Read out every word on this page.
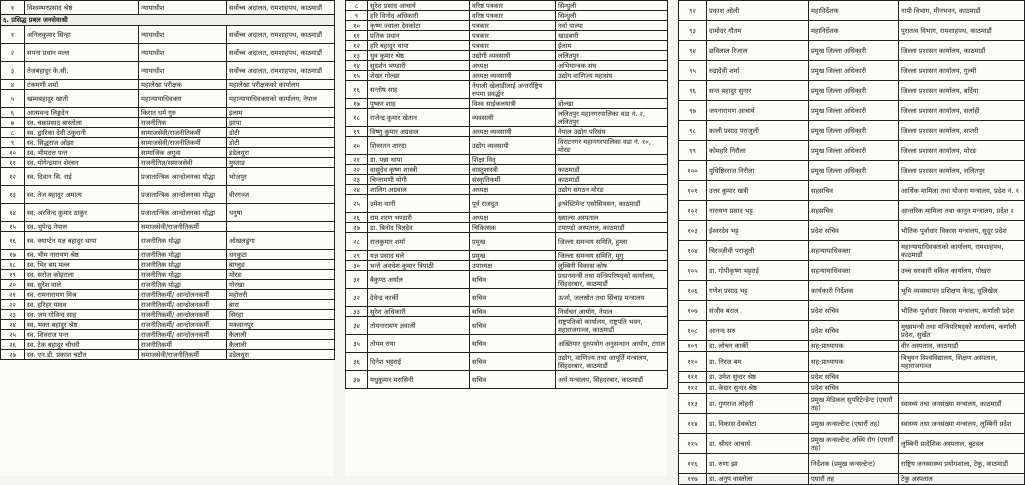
१	विश्वम्भरप्रसाद श्रेष्ठ	न्यायाधीश	सर्वोच्च अदालत, रामशाहपथ, काठमाडौं
६. प्रसिद्ध प्रबल जनसेवाश्री			
१	अनिलकुमार सिन्हा	न्यायाधीश	सर्वोच्च अदालत, रामशाहपथ, काठमाडौं
२	सपना प्रधान मल्ल	न्यायाधीश	सर्वोच्च अदालत, रामशाहपथ, काठमाडौं
३	तेजबहादुर के.सी.	न्यायाधीश	सर्वोच्च अदालत, रामशाहपथ, काठमाडौं
४	टंकमणी शर्मा	महालेखा परीक्षक	महालेखा परीक्षकको कार्यालय
५	खम्मबहादुर खाती	महान्यायाधिवक्ता	महान्यायाधिवक्ताको कार्यालय, नेपाल
६	आत्मवन्द लिङ्गदेन	किरात धर्म गुरु	इलाम
७	स्व. चक्रप्रसाद बास्तोला	राजनीतिक	झापा
८	स्व. द्वारिका देवी ठकुरानी	सामाजसेवी/राजनीतिकर्मी	डोटी
९	स्व. सिद्धराज ओझा	सामाजसेवी/राजनीतिकर्मी	डोटी
१०	स्व. भीमदत्त पन्त	सामाजिक अगुवा	डडेलधुरा
११	स्व. योगेन्द्रमान शेरचन	राजनीतिज्ञ/समाजसेवी	मुस्ताङ
१२	स्व. दिवान सि. राई	प्रजातान्त्रिक आन्दोलनका योद्धा	भोजपुर
१३	स्व. तेज बहादुर अमात्य	प्रजातान्त्रिक आन्दोलनका योद्धा	वीरगञ्ज
१४	स्व. अरविन्द कुमार ठाकुर	प्रजातान्त्रिक आन्दोलनका योद्धा	धनुषा
१५	स्व. भुपेन्द्र नेपाल	समाजसेवी/राजनीतिकर्मी	
१६	स्व. क्याप्टेन यज्ञ बहादुर थापा	राजनीतिक योद्धा	ओखलढुंगा
१७	स्व. भीम नारायण श्रेष्ठ	राजनीतिक योद्धा	धनकुटा
१८	स्व. भिर बम मल्ल	राजनीतिक योद्धा	बाग्लुङ
१९	स्व. सरोज कोइराला	राजनीतिक योद्धा	मोरङ
२०	स्व. सुरेश वाले	राजनीतिक योद्धा	गोरखा
२१	स्व. रामनारायण मिश्र	राजनीतिकर्मी/ आन्दोलनकर्मी	महोत्तरी
२२	स्व. हरिहर यादव	राजनीतिकर्मी/ आन्दोलनकर्मी	बारा
२३	स्व. जय गोविन्द साह	राजनीतिकर्मी/ आन्दोलनकर्मी	सिरहा
२४	स्व. भक्त बहादुर श्रेष्ठ	राजनीतिकर्मी/ आन्दोलनकर्मी	मकवानपुर
२५	स्व. शिवराज पन्त	राजनीतिकर्मी/ आन्दोलनकर्मी	कैलाली
२६	स्व. टेक बहादुर चौधरी	राजनीतिकर्मी	कैलाली
२७	स्व. एन.डी. प्रकाश चटौत	समाजसेवी/राजनीतिकर्मी	डडेलधुरा
८	सुरेश प्रसाद आचार्य	वरिष्ठ पत्रकार	सिन्धुली
९	हरि विनोद अधिकारी	वरिष्ठ पत्रकार	सिन्धुली
१०	कृष्ण ज्वाला देवकोटा	पत्रकार	नर्वा पाल्पा
११	प्रतिक प्रधान	पत्रकार	खाडबारी
१२	हरि बहादुर थापा	पत्रकार	ईलाम
१३	धुव कुमार श्रेष्ठ	उद्योगी व्यवसायी	ललितपुर
१४	सुदर्शन भण्डारी	अध्यक्ष	अभियान्त्रक संघ
१५	शेखर गोल्छा	अध्यक्ष व्यवसायी	उद्योग वाणिज्य महासंघ
१६	सन्तोष साह	नेपाली खेलाडीलाई अन्तर्राष्ट्रिय रुपमा प्रवर्द्धन	
१७	पुष्कर शाह	विश्व साईकलयात्री	डोल्खा
१८	राजेन्द्र कुमार खेतान	व्यवसायी	ललितपुर महानगरपालिका वडा नं. २, ललितपुर
१९	विष्णु कुमार अग्रवाल	अध्यक्ष व्यवसायी	नेपाल उद्योग परिसंघ
२०	शिवरतन शारदा	उद्योग व्यवसायी	विराटनगर महानगरपालिका वडा नं. १०, मोरङ
२१	डा. पन्ना थापा	शिक्षा विद्	
२२	वासुदेव कृष्ण शास्त्री	वास्तुशास्त्री	काठमाडौं
२३	चिन्तामणी योगी	संस्कृतिकर्मी	काठमाडौं
२४	शालिग अग्रवाल	अध्यक्ष	उद्योग संगठन मोरङ
२५	उमेश थानी	पूर्व राजदुत	इन्भेस्टिमेन्ट एसोसियसन, काठमाडौं
२६	राम शरण भण्डारी	अध्यक्ष	ख्याल्स अस्पताल
२७	डा. बिनोद त्रिज्ञदेव	चिकित्सक	टमाण्डो अस्पताल, काठमाडौं
२८	राजकुमार शर्मा	प्रमुख	जिल्ला समन्वय समिति, हुम्ला
२९	यज्ञ प्रसाद घले	प्रमुख	जिल्ला समन्वय समिति, मुगु
३०	भन्ते अवधेश कुमार त्रिपाठी	उपाध्यक्ष	लुम्बिनी विकास कोष
३१	बैकुण्ठ अर्याल	सचिव	प्रधानमन्त्री तथा मन्त्रिपरिषद्को कार्यालय, सिंहदरबार, काठमाडौं
३२	देवेन्द्र कार्की	सचिव	ऊर्जा, जलस्रोत तथा सिंचाइ मन्त्रालय
३३	सुरेश अधिकारी	सचिव	निर्वाचन आयोग, नेपाल
३४	तोयनारायण ज्ञवाली	सचिव	राष्ट्रपतिको कार्यालय, राष्ट्रपति भवन, महाराजगञ्ज, काठमाडौं
३५	तोयम राया	सचिव	अख्तियार दुरुपयोग अनुसन्धान आयोग, टंगाल
३६	दिनेश भट्टराई	सचिव	उद्योग, वाणिज्य तथा आपूर्ति मन्त्रालय, सिंहदरबार, काठमाडौं
३७	मधुकुमार मरासिनी	सचिव	अर्थ मन्त्रालय, सिंहदरबार, काठमाडौं
९२	प्रकाश ओली	महानिर्देशक	नापी विभाग, मीनभवन, काठमाडौं
९३	दामोदर गौतम	महानिर्देशक	पुरातत्व विभाग, रामशाहपथ, काठमाडौं
९४	छविलाल रिजाल	प्रमुख जिल्ला अधिकारी	जिल्ला प्रशासन कार्यालय, काठमाडौं
९५	रुद्रादेवी शर्मा	प्रमुख जिल्ला अधिकारी	जिल्ला प्रशासन कार्यालय, गुल्मी
९६	सन्त बहादुर सुनार	प्रमुख जिल्ला अधिकारी	जिल्ला प्रशासन कार्यालय, बर्दिया
९७	जयनारायण आचार्य	प्रमुख जिल्ला अधिकारी	जिल्ला प्रशासन कार्यालय, सर्लाही
९८	काली प्रसाद पराजुली	प्रमुख जिल्ला अधिकारी	जिल्ला प्रशासन कार्यालय, सप्तरी
९९	कोमहरि निरौला	प्रमुख जिल्ला अधिकारी	जिल्ला प्रशासन कार्यालय, मोरङ
१००	युधिष्ठिरराज निरौला	प्रमुख जिल्ला अधिकारी	जिल्ला प्रशासन कार्यालय, ललितपुर
१०१	उत्तर कुमार खत्री	सहसचिव	आर्थिक मामिला तथा योजना मन्त्रालय, प्रदेश नं. १
१०२	नारायण प्रसाद भट्ट	सहसचिव	आन्तरिक मामिला तथा कानुन मन्त्रालय, प्रदेश २
१०३	ईश्वरदेव भट्ट	प्रदेश सचिव	भौतिक पूर्वाधार विकास मन्त्रालय, सुदूर प्रदेश
१०४	चिरञ्जीवी पराजुली	सहन्यायाधिवक्ता	महान्यायाधिवक्ताको कार्यालय, रामशाहपथ, काठमाडौं
१०५	डा. गोपीकृष्ण भट्टराई	सहन्यायाधिवक्ता	उच्च सरकारी वकिल कार्यालय, पोखरा
१०६	गणेश प्रसाद भट्ट	कार्यकारी निर्देशक	भूमि व्यवस्थापन प्रशिक्षण केन्द्र, धुलिखेल
१०७	संजीव बराल	प्रदेश सचिव	भौतिक पूर्वाधार विकास मन्त्रालय, कर्णाली प्रदेश
१०८	आनन्द सरु	प्रदेश सचिव	मुख्यमन्त्री तथा मन्त्रिपरिषद्को कार्यालय, कर्णाली प्रदेश, सुर्खेत
१०९	डा. लोचन कार्की	सह-प्राध्यापक	वीर अस्पताल, काठमाडौं
११०	डा. निरज बम	सह-प्राध्यापक	त्रिभुवन विश्वविद्यालय, शिक्षण अस्पताल, महाराजगञ्ज
१११	डा. उमेश सुन्दर श्रेष्ठ	प्रदेश सचिव	
११२	डा. केदार सुन्दर श्रेष्ठ	प्रदेश सचिव	
११३	डा. गुणराज लोहनी	प्रमुख मेडिकल सुपरिटेन्डेन्ट (एघारौं तह)	स्वास्थ्य तथा जनसंख्या मन्त्रालय, काठमाडौं
११४	डा. विकास देवकोटा	प्रमुख कन्सल्टेन्ट (एघारौं तह)	स्वास्थ्य तथा जनसंख्या मन्त्रालय, लुम्बिनी प्रदेश
११५	डा. श्रीधर आचार्य	प्रमुख कन्सल्टेन्ट अस्थि रोग (एघारौं तह)	लुम्बिनी प्रादेशिक अस्पताल, बुटवल
११६	डा. रुणा झा	निर्देशक (प्रमुख कन्सल्टेन्ट)	राष्ट्रिय जनस्वास्थ्य प्रयोगशाला, टेकु, काठमाडौं
११७	डा. अनुप वास्तोला	एघारौं तह	टेकु अस्पताल
